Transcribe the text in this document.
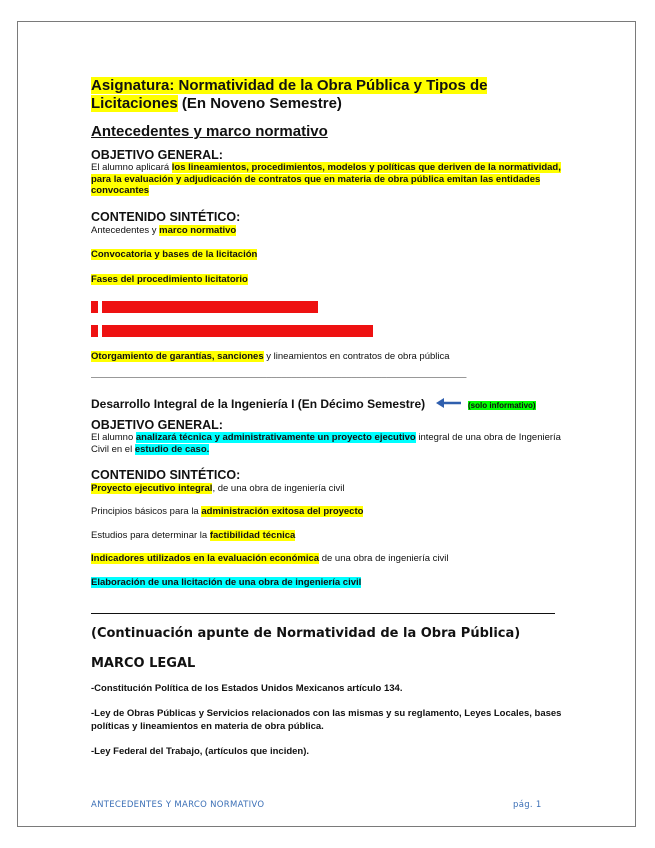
Asignatura: Normatividad de la Obra Pública y Tipos de Licitaciones (En Noveno Semestre)
Antecedentes y marco normativo
OBJETIVO GENERAL:
El alumno aplicará los lineamientos, procedimientos, modelos y políticas que deriven de la normatividad, para la evaluación y adjudicación de contratos que en materia de obra pública emitan las entidades convocantes
CONTENIDO SINTÉTICO:
Antecedentes y marco normativo
Convocatoria y bases de la licitación
Fases del procedimiento licitatorio
Otorgamiento de garantías, sanciones y lineamientos en contratos de obra pública
___________________________________________________________________________
Desarrollo Integral de la Ingeniería I (En Décimo Semestre)	(solo informativo)
OBJETIVO GENERAL:
El alumno analizará técnica y administrativamente un proyecto ejecutivo integral de una obra de Ingeniería Civil en el estudio de caso.
CONTENIDO SINTÉTICO:
Proyecto ejecutivo integral, de una obra de ingeniería civil
Principios básicos para la administración exitosa del proyecto
Estudios para determinar la factibilidad técnica
Indicadores utilizados en la evaluación económica de una obra de ingeniería civil
Elaboración de una licitación de una obra de ingeniería civil
(Continuación apunte de Normatividad de la Obra Pública)
MARCO LEGAL
-Constitución Política de los Estados Unidos Mexicanos artículo 134.
-Ley de Obras Públicas y Servicios relacionados con las mismas y su reglamento, Leyes Locales, bases políticas y lineamientos en materia de obra pública.
-Ley Federal del Trabajo, (artículos que inciden).
ANTECEDENTES Y MARCO NORMATIVO	pág. 1
